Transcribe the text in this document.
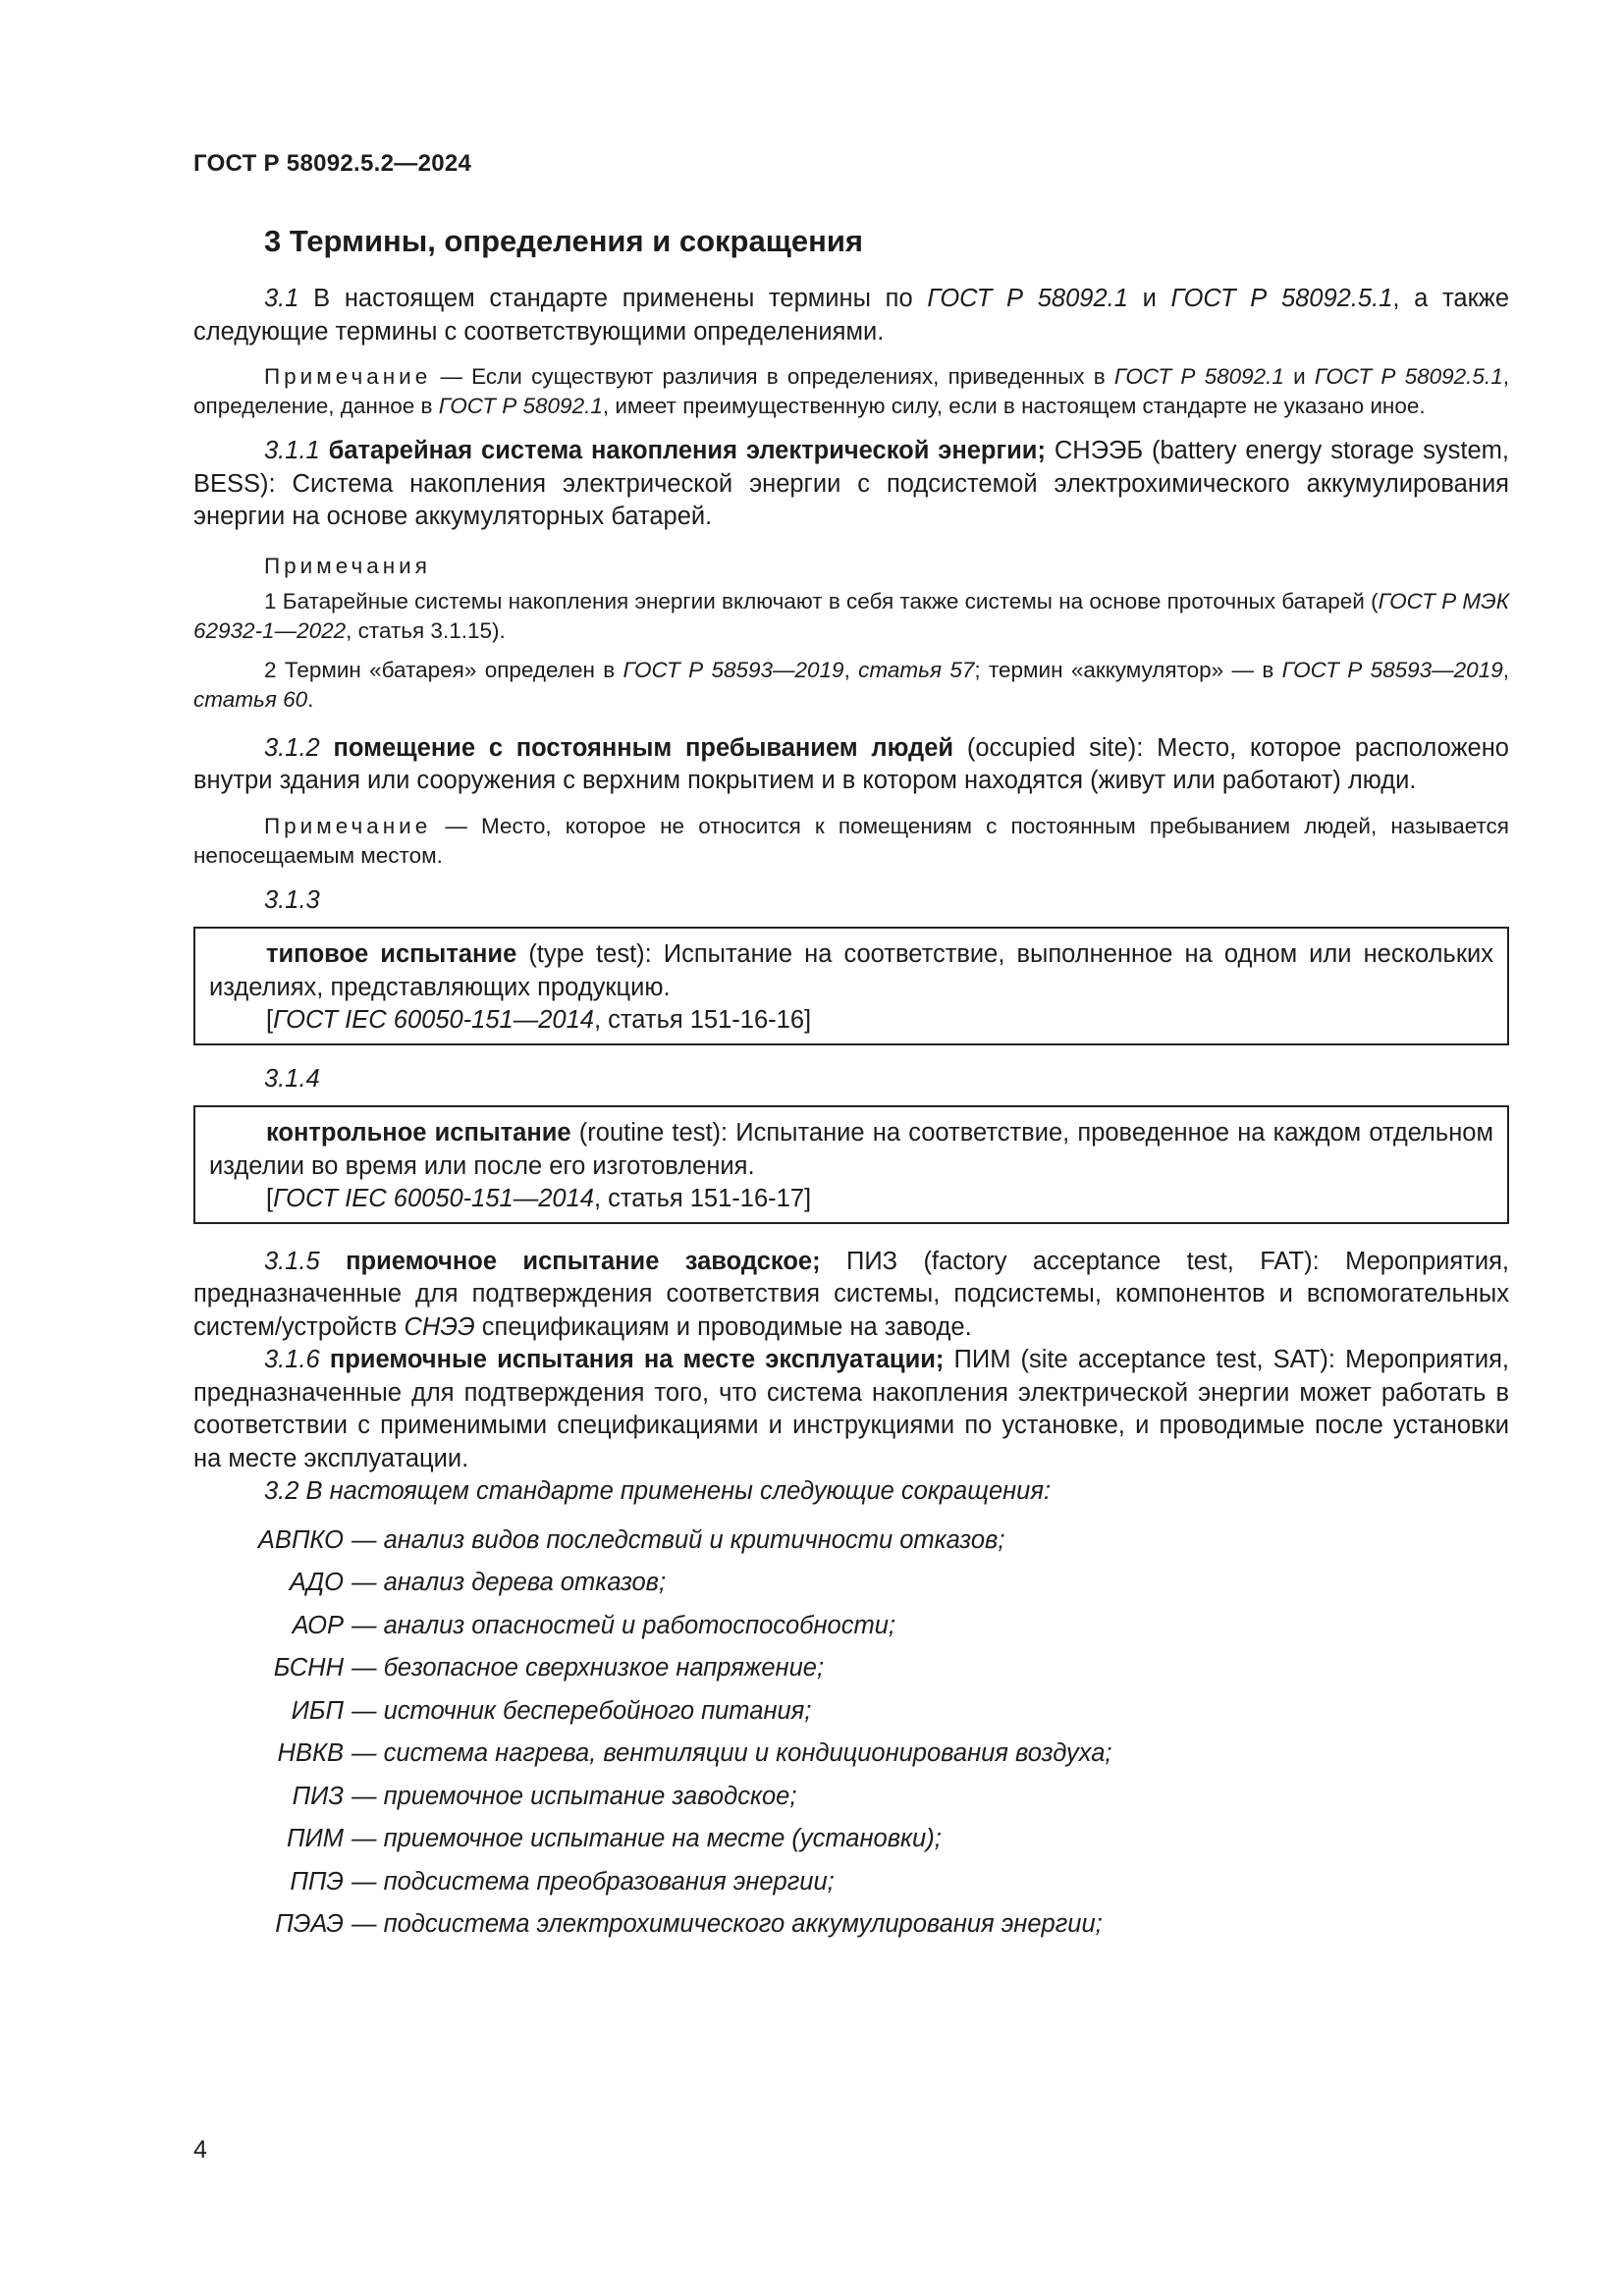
ГОСТ Р 58092.5.2—2024
3 Термины, определения и сокращения

3.1 В настоящем стандарте применены термины по ГОСТ Р 58092.1 и ГОСТ Р 58092.5.1, а также следующие термины с соответствующими определениями.

Примечание — Если существуют различия в определениях, приведенных в ГОСТ Р 58092.1 и ГОСТ Р 58092.5.1, определение, данное в ГОСТ Р 58092.1, имеет преимущественную силу, если в настоящем стандарте не указано иное.

3.1.1 батарейная система накопления электрической энергии; СНЭЭБ (battery energy storage system, BESS): Система накопления электрической энергии с подсистемой электрохимического аккумулирования энергии на основе аккумуляторных батарей.

Примечания

1 Батарейные системы накопления энергии включают в себя также системы на основе проточных батарей (ГОСТ Р МЭК 62932-1—2022, статья 3.1.15).

2 Термин «батарея» определен в ГОСТ Р 58593—2019, статья 57; термин «аккумулятор» — в ГОСТ Р 58593—2019, статья 60.

3.1.2 помещение с постоянным пребыванием людей (occupied site): Место, которое расположено внутри здания или сооружения с верхним покрытием и в котором находятся (живут или работают) люди.

Примечание — Место, которое не относится к помещениям с постоянным пребыванием людей, называется непосещаемым местом.

3.1.3

типовое испытание (type test): Испытание на соответствие, выполненное на одном или нескольких изделиях, представляющих продукцию.

[ГОСТ IEC 60050-151—2014, статья 151-16-16]

3.1.4

контрольное испытание (routine test): Испытание на соответствие, проведенное на каждом отдельном изделии во время или после его изготовления.

[ГОСТ IEC 60050-151—2014, статья 151-16-17]

3.1.5 приемочное испытание заводское; ПИЗ (factory acceptance test, FAT): Мероприятия, предназначенные для подтверждения соответствия системы, подсистемы, компонентов и вспомогательных систем/устройств СНЭЭ спецификациям и проводимые на заводе.

3.1.6 приемочные испытания на месте эксплуатации; ПИМ (site acceptance test, SAT): Мероприятия, предназначенные для подтверждения того, что система накопления электрической энергии может работать в соответствии с применимыми спецификациями и инструкциями по установке, и проводимые после установки на месте эксплуатации.

3.2 В настоящем стандарте применены следующие сокращения:

АВПКО — анализ видов последствий и критичности отказов;
АДО — анализ дерева отказов;
АОР — анализ опасностей и работоспособности;
БСНН — безопасное сверхнизкое напряжение;
ИБП — источник бесперебойного питания;
НВКВ — система нагрева, вентиляции и кондиционирования воздуха;
ПИЗ — приемочное испытание заводское;
ПИМ — приемочное испытание на месте (установки);
ППЭ — подсистема преобразования энергии;
ПЭАЭ — подсистема электрохимического аккумулирования энергии;
4
